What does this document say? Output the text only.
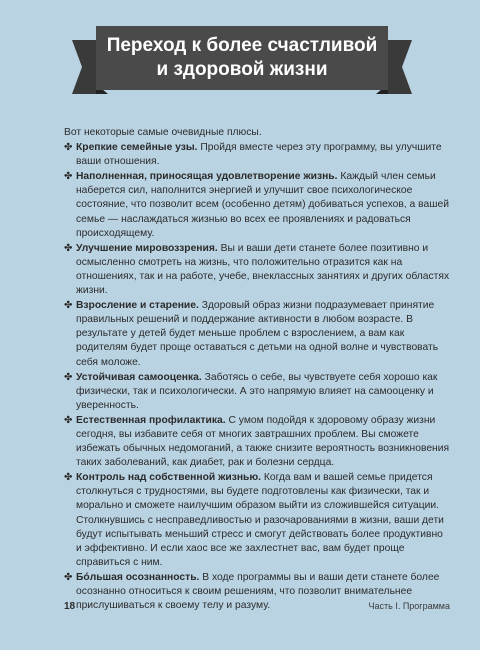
Переход к более счастливой
и здоровой жизни

Вот некоторые самые очевидные плюсы.

✤ Крепкие семейные узы. Пройдя вместе через эту программу, вы улучшите ваши отношения.

✤ Наполненная, приносящая удовлетворение жизнь. Каждый член семьи наберется сил, наполнится энергией и улучшит свое психологическое состояние, что позволит всем (особенно детям) добиваться успехов, а вашей семье — наслаждаться жизнью во всех ее проявлениях и радоваться происходящему.

✤ Улучшение мировоззрения. Вы и ваши дети станете более позитивно и осмысленно смотреть на жизнь, что положительно отразится как на отношениях, так и на работе, учебе, внеклассных занятиях и других областях жизни.

✤ Взросление и старение. Здоровый образ жизни подразумевает принятие правильных решений и поддержание активности в любом возрасте. В результате у детей будет меньше проблем с взрослением, а вам как родителям будет проще оставаться с детьми на одной волне и чувствовать себя моложе.

✤ Устойчивая самооценка. Заботясь о себе, вы чувствуете себя хорошо как физически, так и психологически. А это напрямую влияет на самооценку и уверенность.

✤ Естественная профилактика. С умом подойдя к здоровому образу жизни сегодня, вы избавите себя от многих завтрашних проблем. Вы сможете избежать обычных недомоганий, а также снизите вероятность возникновения таких заболеваний, как диабет, рак и болезни сердца.

✤ Контроль над собственной жизнью. Когда вам и вашей семье придется столкнуться с трудностями, вы будете подготовлены как физически, так и морально и сможете наилучшим образом выйти из сложившейся ситуации. Столкнувшись с несправедливостью и разочарованиями в жизни, ваши дети будут испытывать меньший стресс и смогут действовать более продуктивно и эффективно. И если хаос все же захлестнет вас, вам будет проще справиться с ним.

✤ Бóльшая осознанность. В ходе программы вы и ваши дети станете более осознанно относиться к своим решениям, что позволит внимательнее прислушиваться к своему телу и разуму.

18	Часть I. Программа
